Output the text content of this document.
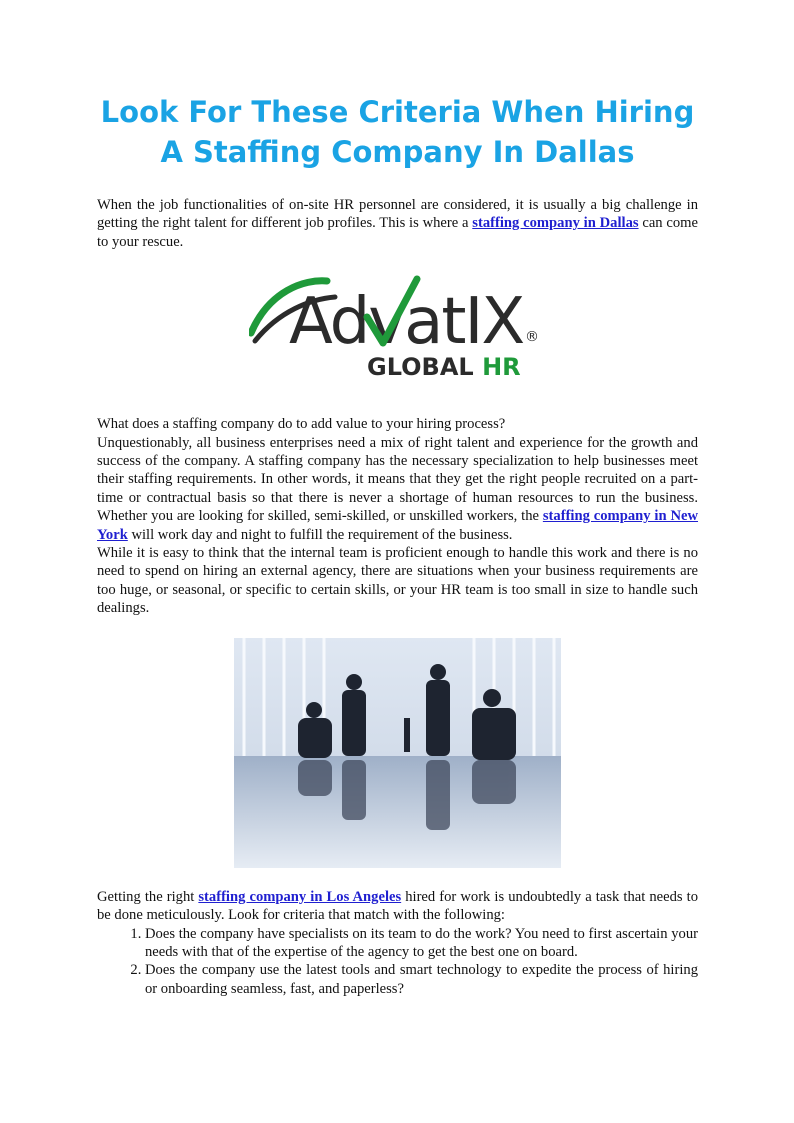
Look For These Criteria When Hiring A Staffing Company In Dallas

When the job functionalities of on-site HR personnel are considered, it is usually a big challenge in getting the right talent for different job profiles. This is where a staffing company in Dallas can come to your rescue.

AdvatIX ®
GLOBAL HR

What does a staffing company do to add value to your hiring process?

Unquestionably, all business enterprises need a mix of right talent and experience for the growth and success of the company. A staffing company has the necessary specialization to help businesses meet their staffing requirements. In other words, it means that they get the right people recruited on a part-time or contractual basis so that there is never a shortage of human resources to run the business. Whether you are looking for skilled, semi-skilled, or unskilled workers, the staffing company in New York will work day and night to fulfill the requirement of the business.

While it is easy to think that the internal team is proficient enough to handle this work and there is no need to spend on hiring an external agency, there are situations when your business requirements are too huge, or seasonal, or specific to certain skills, or your HR team is too small in size to handle such dealings.

Getting the right staffing company in Los Angeles hired for work is undoubtedly a task that needs to be done meticulously. Look for criteria that match with the following:

1. Does the company have specialists on its team to do the work? You need to first ascertain your needs with that of the expertise of the agency to get the best one on board.
2. Does the company use the latest tools and smart technology to expedite the process of hiring or onboarding seamless, fast, and paperless?
